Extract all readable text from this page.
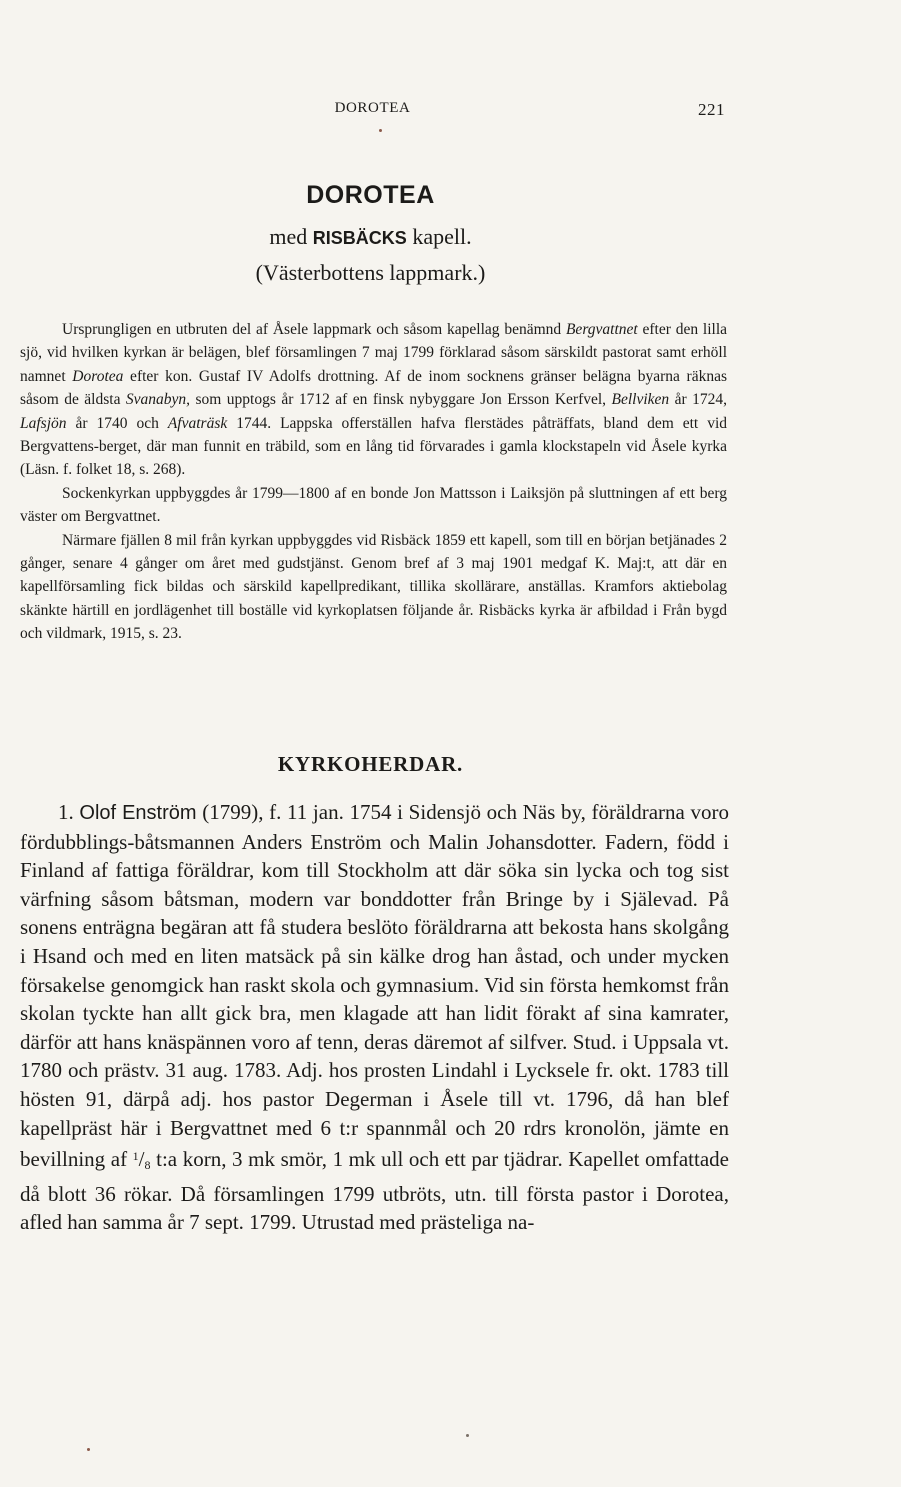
DOROTEA	221
DOROTEA

med RISBÄCKS kapell.

(Västerbottens lappmark.)

Ursprungligen en utbruten del af Åsele lappmark och såsom kapellag benämnd Bergvattnet efter den lilla sjö, vid hvilken kyrkan är belägen, blef församlingen 7 maj 1799 förklarad såsom särskildt pastorat samt erhöll namnet Dorotea efter kon. Gustaf IV Adolfs drottning. Af de inom socknens gränser belägna byarna räknas såsom de äldsta Svanabyn, som upptogs år 1712 af en finsk nybyggare Jon Ersson Kerfvel, Bellviken år 1724, Lafsjön år 1740 och Afvaträsk 1744. Lappska offerställen hafva flerstädes påträffats, bland dem ett vid Bergvattens-berget, där man funnit en träbild, som en lång tid förvarades i gamla klockstapeln vid Åsele kyrka (Läsn. f. folket 18, s. 268).

Sockenkyrkan uppbyggdes år 1799—1800 af en bonde Jon Mattsson i Laiksjön på sluttningen af ett berg väster om Bergvattnet.

Närmare fjällen 8 mil från kyrkan uppbyggdes vid Risbäck 1859 ett kapell, som till en början betjänades 2 gånger, senare 4 gånger om året med gudstjänst. Genom bref af 3 maj 1901 medgaf K. Maj:t, att där en kapellförsamling fick bildas och särskild kapellpredikant, tillika skollärare, anställas. Kramfors aktiebolag skänkte härtill en jordlägenhet till boställe vid kyrkoplatsen följande år. Risbäcks kyrka är afbildad i Från bygd och vildmark, 1915, s. 23.

KYRKOHERDAR.

1. Olof Enström (1799), f. 11 jan. 1754 i Sidensjö och Näs by, föräldrarna voro fördubblings-båtsmannen Anders Enström och Malin Johansdotter. Fadern, född i Finland af fattiga föräldrar, kom till Stockholm att där söka sin lycka och tog sist värfning såsom båtsman, modern var bonddotter från Bringe by i Själevad. På sonens enträgna begäran att få studera beslöto föräldrarna att bekosta hans skolgång i Hsand och med en liten matsäck på sin kälke drog han åstad, och under mycken försakelse genomgick han raskt skola och gymnasium. Vid sin första hemkomst från skolan tyckte han allt gick bra, men klagade att han lidit förakt af sina kamrater, därför att hans knäspännen voro af tenn, deras däremot af silfver. Stud. i Uppsala vt. 1780 och prästv. 31 aug. 1783. Adj. hos prosten Lindahl i Lycksele fr. okt. 1783 till hösten 91, därpå adj. hos pastor Degerman i Åsele till vt. 1796, då han blef kapellpräst här i Bergvattnet med 6 t:r spannmål och 20 rdrs kronolön, jämte en bevillning af $^1/_8$ t:a korn, 3 mk smör, 1 mk ull och ett par tjädrar. Kapellet omfattade då blott 36 rökar. Då församlingen 1799 utbröts, utn. till första pastor i Dorotea, afled han samma år 7 sept. 1799. Utrustad med prästeliga na-
